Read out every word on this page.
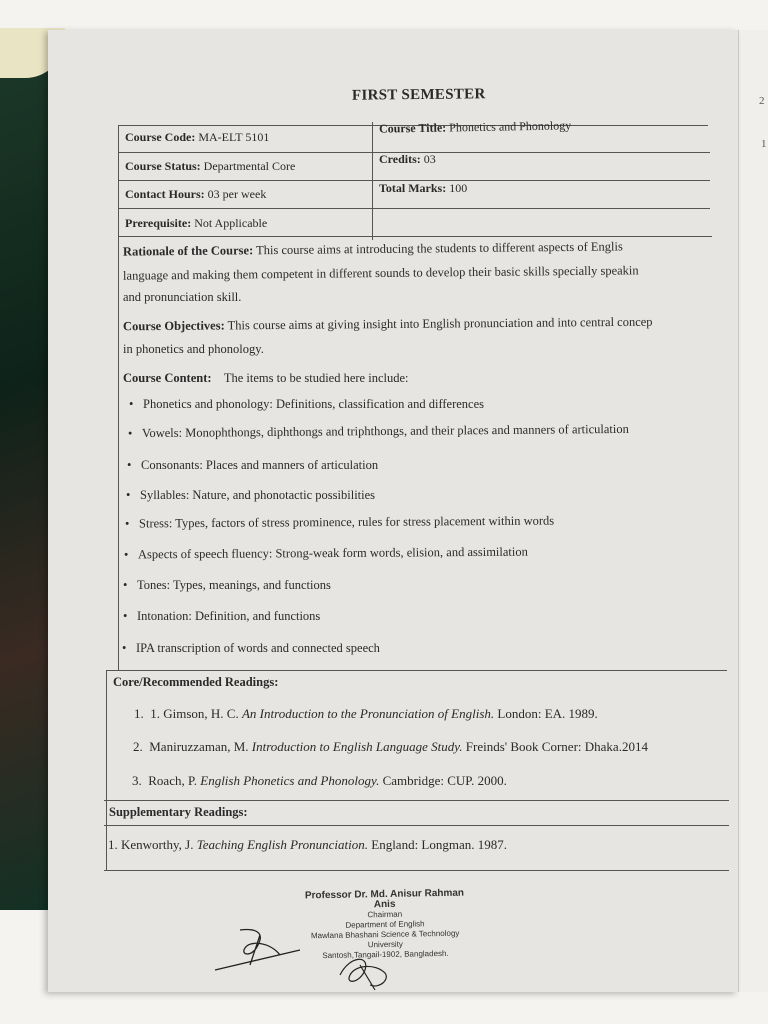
2
1
FIRST SEMESTER
Course Code: MA-ELT 5101
Course Title: Phonetics and Phonology
Course Status: Departmental Core	Credits: 03
Contact Hours: 03 per week	Total Marks: 100
Prerequisite: Not Applicable
Rationale of the Course: This course aims at introducing the students to different aspects of Englis
language and making them competent in different sounds to develop their basic skills specially speakin
and pronunciation skill.
Course Objectives: This course aims at giving insight into English pronunciation and into central concep
in phonetics and phonology.
Course Content: The items to be studied here include:
• Phonetics and phonology: Definitions, classification and differences
• Vowels: Monophthongs, diphthongs and triphthongs, and their places and manners of articulation
• Consonants: Places and manners of articulation
• Syllables: Nature, and phonotactic possibilities
• Stress: Types, factors of stress prominence, rules for stress placement within words
• Aspects of speech fluency: Strong-weak form words, elision, and assimilation
• Tones: Types, meanings, and functions
• Intonation: Definition, and functions
• IPA transcription of words and connected speech
Core/Recommended Readings:
1. 1. Gimson, H. C. An Introduction to the Pronunciation of English. London: EA. 1989.
2. Maniruzzaman, M. Introduction to English Language Study. Freinds' Book Corner: Dhaka.2014
3. Roach, P. English Phonetics and Phonology. Cambridge: CUP. 2000.
Supplementary Readings:
1. Kenworthy, J. Teaching English Pronunciation. England: Longman. 1987.
Professor Dr. Md. Anisur Rahman Anis
Chairman
Department of English
Mawlana Bhashani Science & Technology University
Santosh,Tangail-1902, Bangladesh.
